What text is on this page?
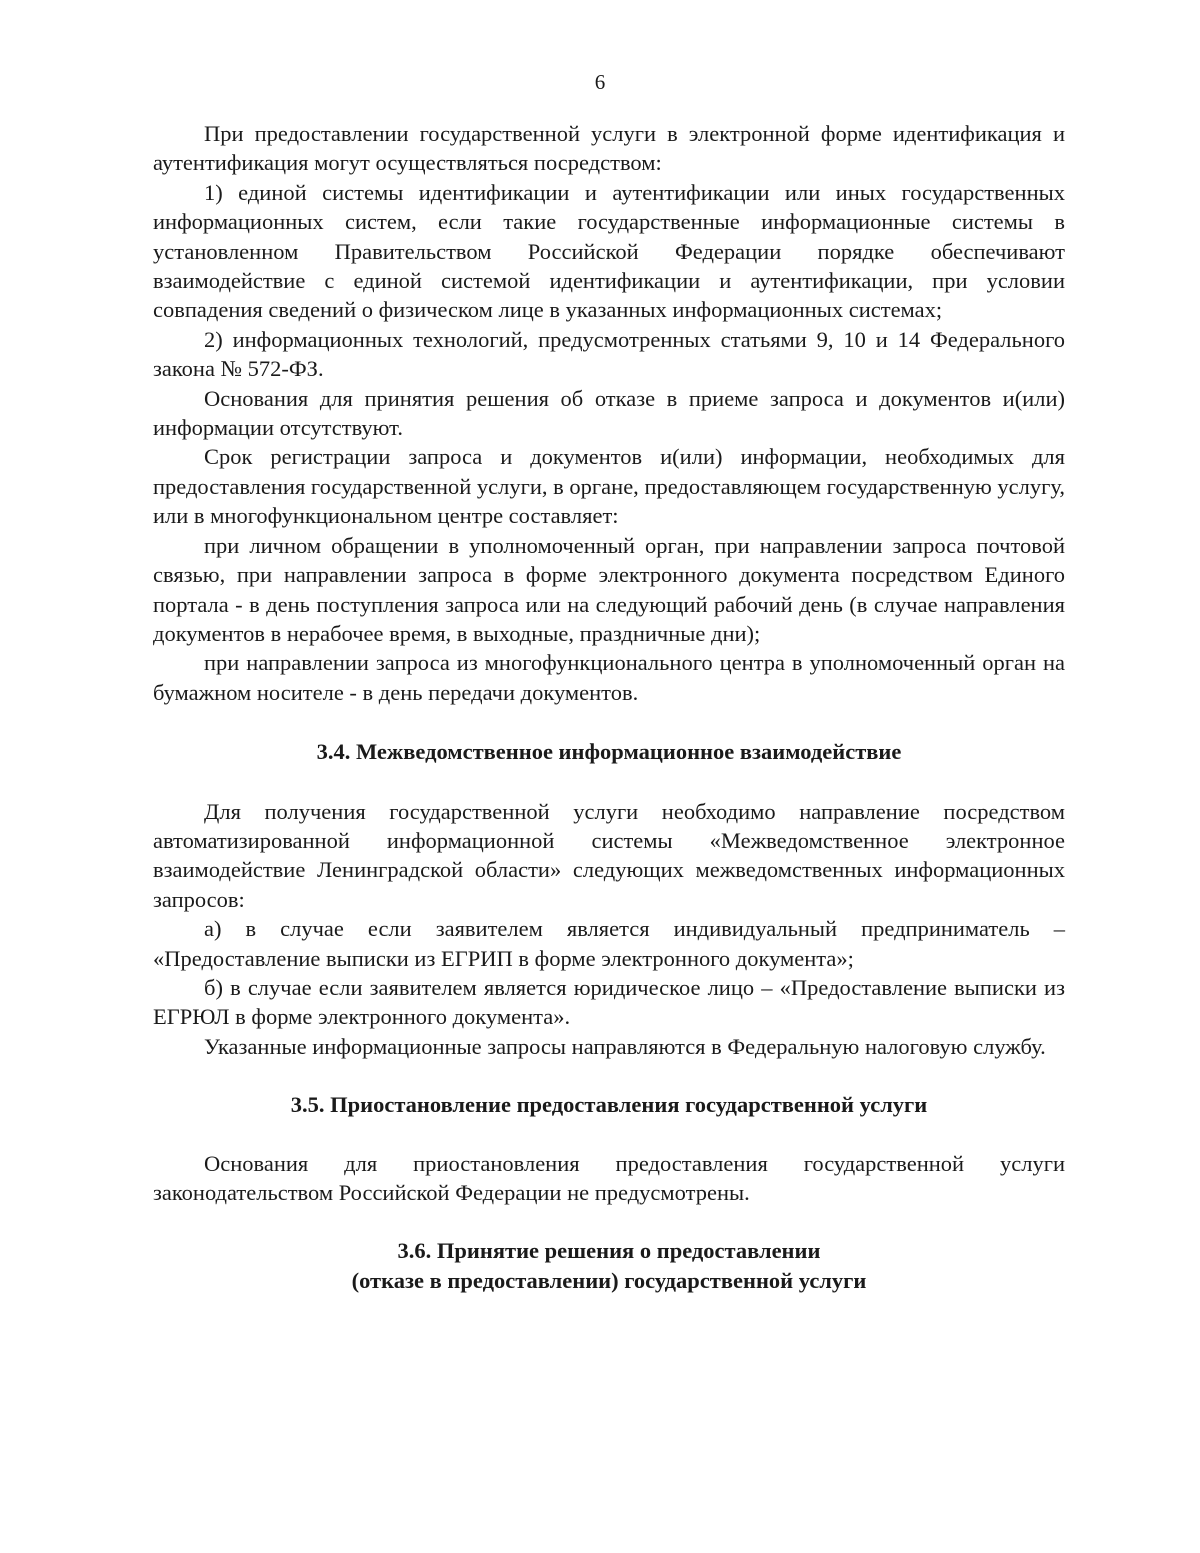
6

При предоставлении государственной услуги в электронной форме идентификация и аутентификация могут осуществляться посредством:

1) единой системы идентификации и аутентификации или иных государственных информационных систем, если такие государственные информационные системы в установленном Правительством Российской Федерации порядке обеспечивают взаимодействие с единой системой идентификации и аутентификации, при условии совпадения сведений о физическом лице в указанных информационных системах;

2) информационных технологий, предусмотренных статьями 9, 10 и 14 Федерального закона № 572-ФЗ.

Основания для принятия решения об отказе в приеме запроса и документов и(или) информации отсутствуют.

Срок регистрации запроса и документов и(или) информации, необходимых для предоставления государственной услуги, в органе, предоставляющем государственную услугу, или в многофункциональном центре составляет:

при личном обращении в уполномоченный орган, при направлении запроса почтовой связью, при направлении запроса в форме электронного документа посредством Единого портала - в день поступления запроса или на следующий рабочий день (в случае направления документов в нерабочее время, в выходные, праздничные дни);

при направлении запроса из многофункционального центра в уполномоченный орган на бумажном носителе - в день передачи документов.

3.4. Межведомственное информационное взаимодействие

Для получения государственной услуги необходимо направление посредством автоматизированной информационной системы «Межведомственное электронное взаимодействие Ленинградской области» следующих межведомственных информационных запросов:

а) в случае если заявителем является индивидуальный предприниматель – «Предоставление выписки из ЕГРИП в форме электронного документа»;

б) в случае если заявителем является юридическое лицо – «Предоставление выписки из ЕГРЮЛ в форме электронного документа».

Указанные информационные запросы направляются в Федеральную налоговую службу.

3.5. Приостановление предоставления государственной услуги

Основания для приостановления предоставления государственной услуги законодательством Российской Федерации не предусмотрены.

3.6. Принятие решения о предоставлении
(отказе в предоставлении) государственной услуги
